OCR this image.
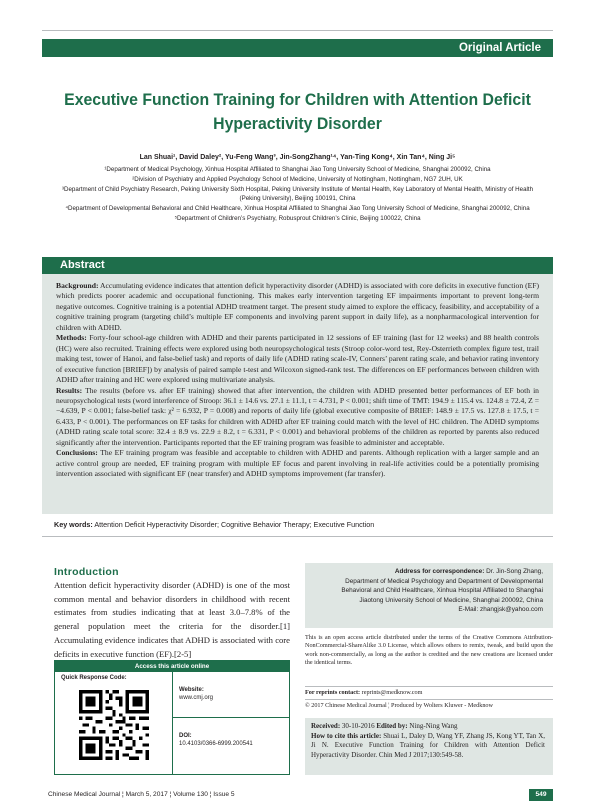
Original Article
Executive Function Training for Children with Attention Deficit Hyperactivity Disorder
Lan Shuai¹, David Daley², Yu-Feng Wang³, Jin-SongZhang¹⁴, Yan-Ting Kong⁴, Xin Tan⁴, Ning Ji⁵

¹Department of Medical Psychology, Xinhua Hospital Affiliated to Shanghai Jiao Tong University School of Medicine, Shanghai 200092, China

²Division of Psychiatry and Applied Psychology School of Medicine, University of Nottingham, Nottingham, NG7 2UH, UK

³Department of Child Psychiatry Research, Peking University Sixth Hospital, Peking University Institute of Mental Health, Key Laboratory of Mental Health, Ministry of Health (Peking University), Beijing 100191, China

⁴Department of Developmental Behavioral and Child Healthcare, Xinhua Hospital Affiliated to Shanghai Jiao Tong University School of Medicine, Shanghai 200092, China

⁵Department of Children’s Psychiatry, Robusprout Children’s Clinic, Beijing 100022, China

Abstract

Background: Accumulating evidence indicates that attention deficit hyperactivity disorder (ADHD) is associated with core deficits in executive function (EF) which predicts poorer academic and occupational functioning. This makes early intervention targeting EF impairments important to prevent long-term negative outcomes. Cognitive training is a potential ADHD treatment target. The present study aimed to explore the efficacy, feasibility, and acceptability of a cognitive training program (targeting child’s multiple EF components and involving parent support in daily life), as a nonpharmacological intervention for children with ADHD.

Methods: Forty-four school-age children with ADHD and their parents participated in 12 sessions of EF training (last for 12 weeks) and 88 health controls (HC) were also recruited. Training effects were explored using both neuropsychological tests (Stroop color-word test, Rey-Osterrieth complex figure test, trail making test, tower of Hanoi, and false-belief task) and reports of daily life (ADHD rating scale-IV, Conners’ parent rating scale, and behavior rating inventory of executive function [BRIEF]) by analysis of paired sample t-test and Wilcoxon signed-rank test. The differences on EF performances between children with ADHD after training and HC were explored using multivariate analysis.

Results: The results (before vs. after EF training) showed that after intervention, the children with ADHD presented better performances of EF both in neuropsychological tests (word interference of Stroop: 36.1 ± 14.6 vs. 27.1 ± 11.1, t = 4.731, P < 0.001; shift time of TMT: 194.9 ± 115.4 vs. 124.8 ± 72.4, Z = −4.639, P < 0.001; false-belief task: χ² = 6.932, P = 0.008) and reports of daily life (global executive composite of BRIEF: 148.9 ± 17.5 vs. 127.8 ± 17.5, t = 6.433, P < 0.001). The performances on EF tasks for children with ADHD after EF training could match with the level of HC children. The ADHD symptoms (ADHD rating scale total score: 32.4 ± 8.9 vs. 22.9 ± 8.2, t = 6.331, P < 0.001) and behavioral problems of the children as reported by parents also reduced significantly after the intervention. Participants reported that the EF training program was feasible to administer and acceptable.

Conclusions: The EF training program was feasible and acceptable to children with ADHD and parents. Although replication with a larger sample and an active control group are needed, EF training program with multiple EF focus and parent involving in real-life activities could be a potentially promising intervention associated with significant EF (near transfer) and ADHD symptoms improvement (far transfer).

Key words: Attention Deficit Hyperactivity Disorder; Cognitive Behavior Therapy; Executive Function
Introduction

Attention deficit hyperactivity disorder (ADHD) is one of the most common mental and behavior disorders in childhood with recent estimates from studies indicating that at least 3.0–7.8% of the general population meet the criteria for the disorder.[1] Accumulating evidence indicates that ADHD is associated with core deficits in executive function (EF).[2-5]

Access this article online
Quick Response Code:
Website:
www.cmj.org
DOI:
10.4103/0366-6999.200541
Address for correspondence: Dr. Jin-Song Zhang,
Department of Medical Psychology and Department of Developmental
Behavioral and Child Healthcare, Xinhua Hospital Affiliated to Shanghai
Jiaotong University School of Medicine, Shanghai 200092, China
E-Mail: zhangjsk@yahoo.com

This is an open access article distributed under the terms of the Creative Commons Attribution-NonCommercial-ShareAlike 3.0 License, which allows others to remix, tweak, and build upon the work non-commercially, as long as the author is credited and the new creations are licensed under the identical terms.

For reprints contact: reprints@medknow.com
© 2017 Chinese Medical Journal ¦ Produced by Wolters Kluwer - Medknow
Received: 30-10-2016 Edited by: Ning-Ning Wang
How to cite this article: Shuai L, Daley D, Wang YF, Zhang JS, Kong YT, Tan X, Ji N. Executive Function Training for Children with Attention Deficit Hyperactivity Disorder. Chin Med J 2017;130:549-58.
Chinese Medical Journal ¦ March 5, 2017 ¦ Volume 130 ¦ Issue 5	549
